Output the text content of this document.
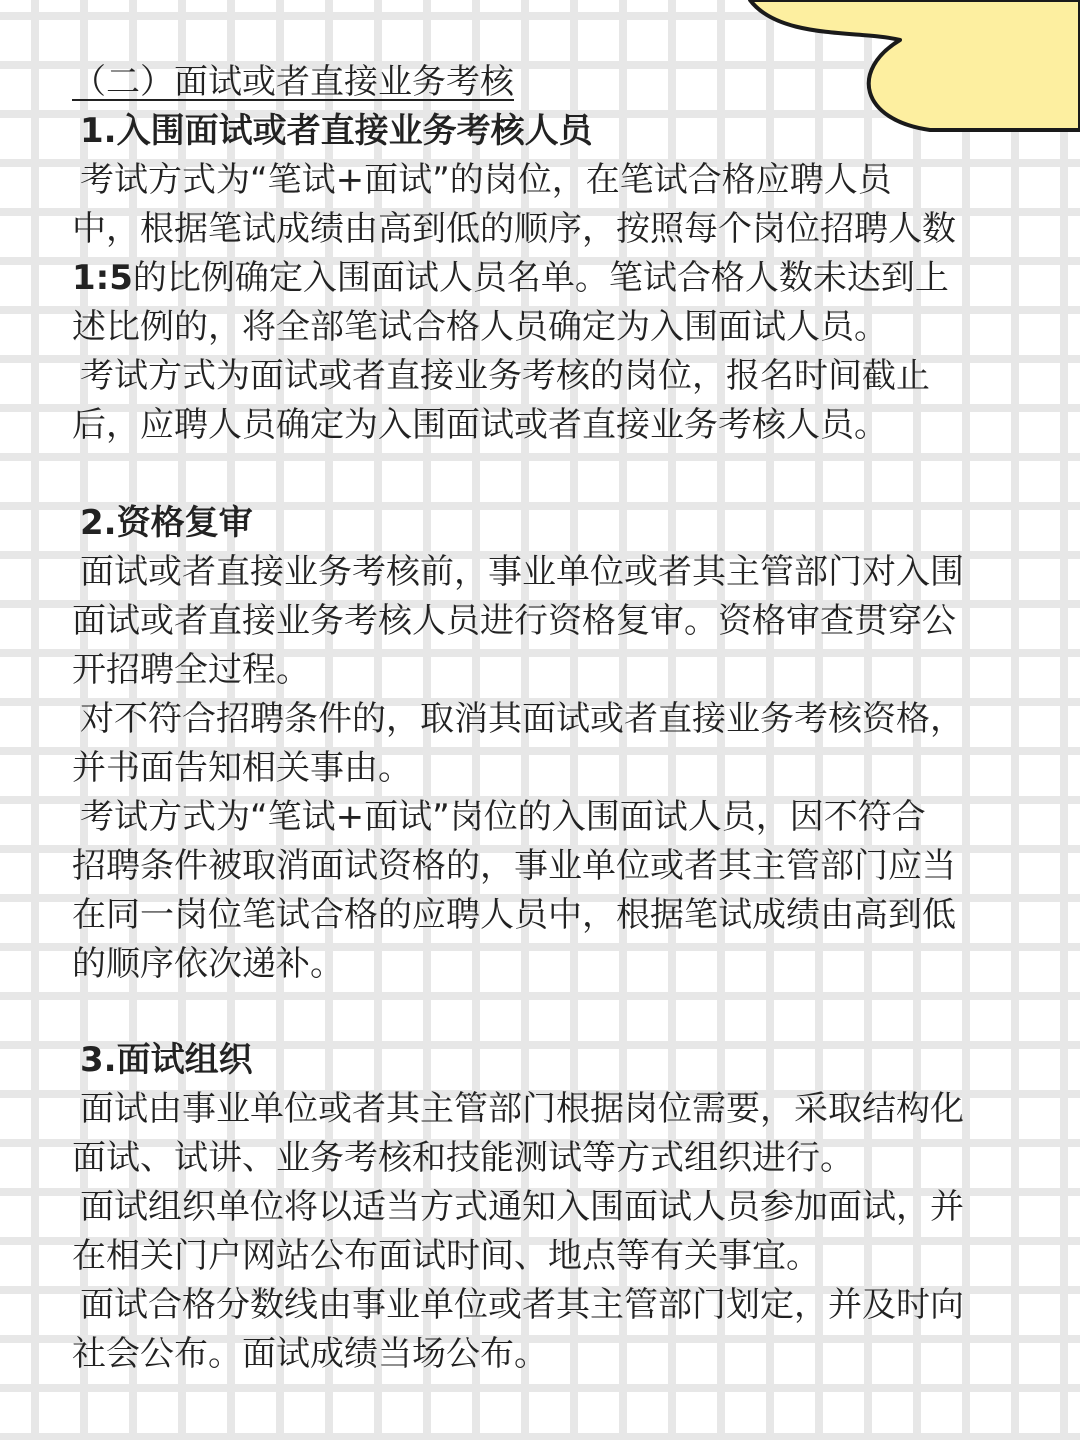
（二）面试或者直接业务考核
1.入围面试或者直接业务考核人员
考试方式为“笔试+面试”的岗位，在笔试合格应聘人员
中，根据笔试成绩由高到低的顺序，按照每个岗位招聘人数
1:5的比例确定入围面试人员名单。笔试合格人数未达到上
述比例的，将全部笔试合格人员确定为入围面试人员。
考试方式为面试或者直接业务考核的岗位，报名时间截止
后，应聘人员确定为入围面试或者直接业务考核人员。
2.资格复审
面试或者直接业务考核前，事业单位或者其主管部门对入围
面试或者直接业务考核人员进行资格复审。资格审查贯穿公
开招聘全过程。
对不符合招聘条件的，取消其面试或者直接业务考核资格，
并书面告知相关事由。
考试方式为“笔试+面试”岗位的入围面试人员，因不符合
招聘条件被取消面试资格的，事业单位或者其主管部门应当
在同一岗位笔试合格的应聘人员中，根据笔试成绩由高到低
的顺序依次递补。
3.面试组织
面试由事业单位或者其主管部门根据岗位需要，采取结构化
面试、试讲、业务考核和技能测试等方式组织进行。
面试组织单位将以适当方式通知入围面试人员参加面试，并
在相关门户网站公布面试时间、地点等有关事宜。
面试合格分数线由事业单位或者其主管部门划定，并及时向
社会公布。面试成绩当场公布。
